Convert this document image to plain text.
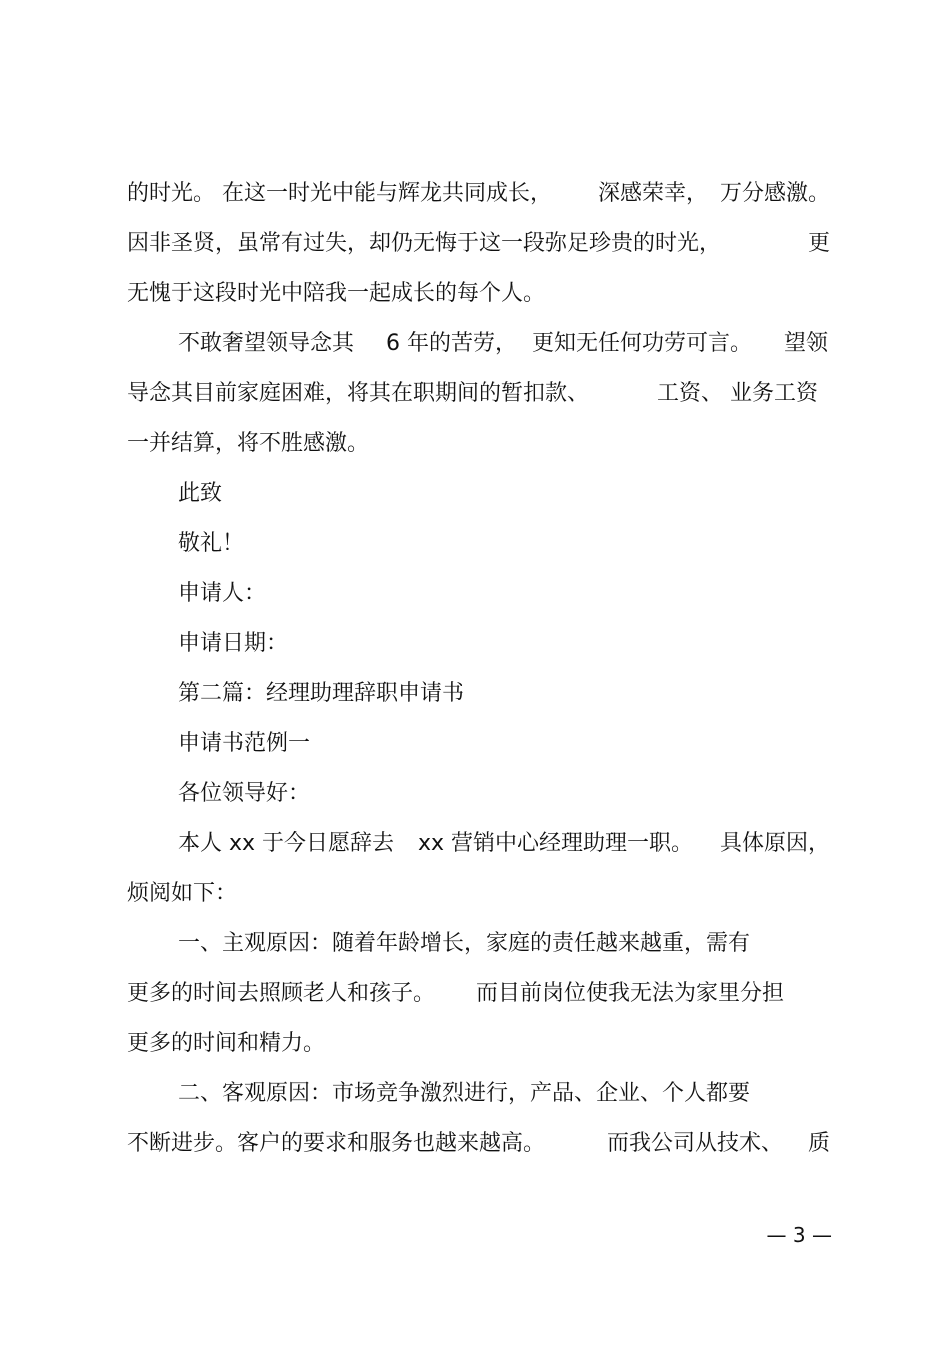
的时光。 在这一时光中能与辉龙共同成长，

深感荣幸，

万分感激。

因非圣贤，虽常有过失，却仍无悔于这一段弥足珍贵的时光，

	更

无愧于这段时光中陪我一起成长的每个人。

不敢奢望领导念其

6 年的苦劳，

更知无任何功劳可言。

望领

导念其目前家庭困难，将其在职期间的暂扣款、

	工资、 业务工资

一并结算，将不胜感激。

此致

敬礼！

申请人：

申请日期：

第二篇：经理助理辞职申请书

申请书范例一

各位领导好：

本人 xx 于今日愿辞去

xx 营销中心经理助理一职。

具体原因，

烦阅如下：

一、主观原因：随着年龄增长，家庭的责任越来越重，需有

更多的时间去照顾老人和孩子。

而目前岗位使我无法为家里分担

更多的时间和精力。

二、客观原因：市场竞争激烈进行，产品、企业、个人都要

不断进步。客户的要求和服务也越来越高。

	而我公司从技术、

质

— 3 —
